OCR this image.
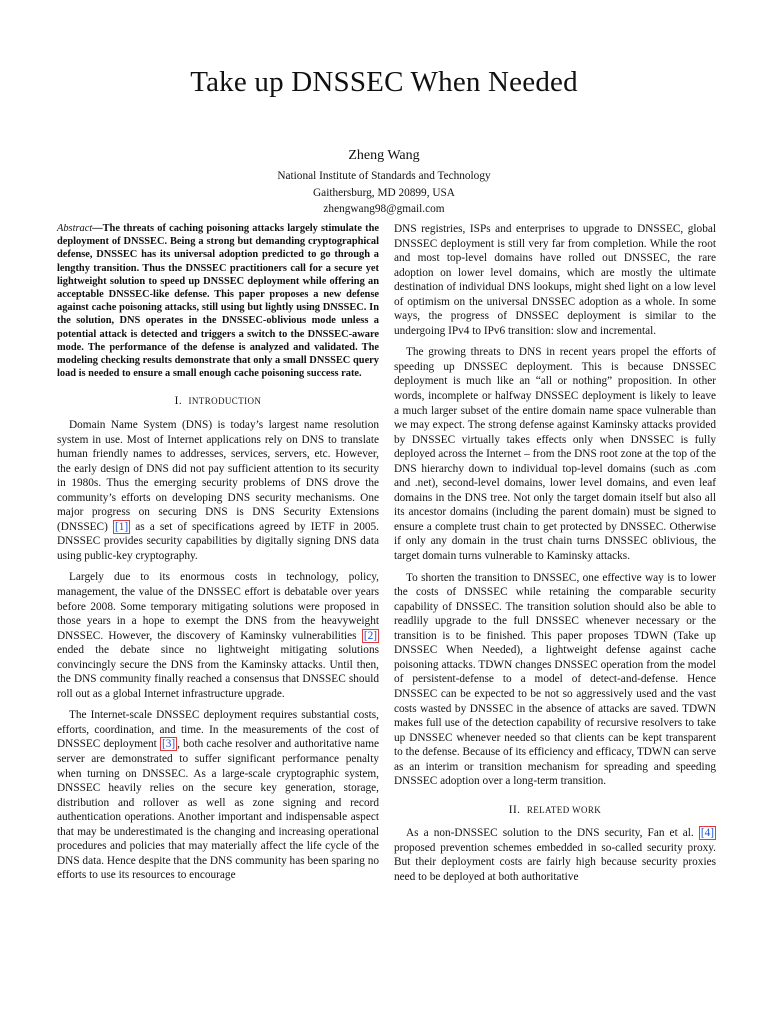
Take up DNSSEC When Needed
Zheng Wang
National Institute of Standards and Technology
Gaithersburg, MD 20899, USA
zhengwang98@gmail.com

Abstract—The threats of caching poisoning attacks largely stimulate the deployment of DNSSEC. Being a strong but demanding cryptographical defense, DNSSEC has its universal adoption predicted to go through a lengthy transition. Thus the DNSSEC practitioners call for a secure yet lightweight solution to speed up DNSSEC deployment while offering an acceptable DNSSEC-like defense. This paper proposes a new defense against cache poisoning attacks, still using but lightly using DNSSEC. In the solution, DNS operates in the DNSSEC-oblivious mode unless a potential attack is detected and triggers a switch to the DNSSEC-aware mode. The performance of the defense is analyzed and validated. The modeling checking results demonstrate that only a small DNSSEC query load is needed to ensure a small enough cache poisoning success rate.

I. INTRODUCTION

Domain Name System (DNS) is today’s largest name resolution system in use. Most of Internet applications rely on DNS to translate human friendly names to addresses, services, servers, etc. However, the early design of DNS did not pay sufficient attention to its security in 1980s. Thus the emerging security problems of DNS drove the community’s efforts on developing DNS security mechanisms. One major progress on securing DNS is DNS Security Extensions (DNSSEC) [1] as a set of specifications agreed by IETF in 2005. DNSSEC provides security capabilities by digitally signing DNS data using public-key cryptography.

Largely due to its enormous costs in technology, policy, management, the value of the DNSSEC effort is debatable over years before 2008. Some temporary mitigating solutions were proposed in those years in a hope to exempt the DNS from the heavyweight DNSSEC. However, the discovery of Kaminsky vulnerabilities [2] ended the debate since no lightweight mitigating solutions convincingly secure the DNS from the Kaminsky attacks. Until then, the DNS community finally reached a consensus that DNSSEC should roll out as a global Internet infrastructure upgrade.

The Internet-scale DNSSEC deployment requires substantial costs, efforts, coordination, and time. In the measurements of the cost of DNSSEC deployment [3] , both cache resolver and authoritative name server are demonstrated to suffer significant performance penalty when turning on DNSSEC. As a large-scale cryptographic system, DNSSEC heavily relies on the secure key generation, storage, distribution and rollover as well as zone signing and record authentication operations. Another important and indispensable aspect that may be underestimated is the changing and increasing operational procedures and policies that may materially affect the life cycle of the DNS data. Hence despite that the DNS community has been sparing no efforts to use its resources to encourage

DNS registries, ISPs and enterprises to upgrade to DNSSEC, global DNSSEC deployment is still very far from completion. While the root and most top-level domains have rolled out DNSSEC, the rare adoption on lower level domains, which are mostly the ultimate destination of individual DNS lookups, might shed light on a low level of optimism on the universal DNSSEC adoption as a whole. In some ways, the progress of DNSSEC deployment is similar to the undergoing IPv4 to IPv6 transition: slow and incremental.

The growing threats to DNS in recent years propel the efforts of speeding up DNSSEC deployment. This is because DNSSEC deployment is much like an “all or nothing” proposition. In other words, incomplete or halfway DNSSEC deployment is likely to leave a much larger subset of the entire domain name space vulnerable than we may expect. The strong defense against Kaminsky attacks provided by DNSSEC virtually takes effects only when DNSSEC is fully deployed across the Internet – from the DNS root zone at the top of the DNS hierarchy down to individual top-level domains (such as .com and .net), second-level domains, lower level domains, and even leaf domains in the DNS tree. Not only the target domain itself but also all its ancestor domains (including the parent domain) must be signed to ensure a complete trust chain to get protected by DNSSEC. Otherwise if only any domain in the trust chain turns DNSSEC oblivious, the target domain turns vulnerable to Kaminsky attacks.

To shorten the transition to DNSSEC, one effective way is to lower the costs of DNSSEC while retaining the comparable security capability of DNSSEC. The transition solution should also be able to readlily upgrade to the full DNSSEC whenever necessary or the transition is to be finished. This paper proposes TDWN (Take up DNSSEC When Needed), a lightweight defense against cache poisoning attacks. TDWN changes DNSSEC operation from the model of persistent-defense to a model of detect-and-defense. Hence DNSSEC can be expected to be not so aggressively used and the vast costs wasted by DNSSEC in the absence of attacks are saved. TDWN makes full use of the detection capability of recursive resolvers to take up DNSSEC whenever needed so that clients can be kept transparent to the defense. Because of its efficiency and efficacy, TDWN can serve as an interim or transition mechanism for spreading and speeding DNSSEC adoption over a long-term transition.

II. RELATED WORK

As a non-DNSSEC solution to the DNS security, Fan et al. [4] proposed prevention schemes embedded in so-called security proxy. But their deployment costs are fairly high because security proxies need to be deployed at both authoritative
